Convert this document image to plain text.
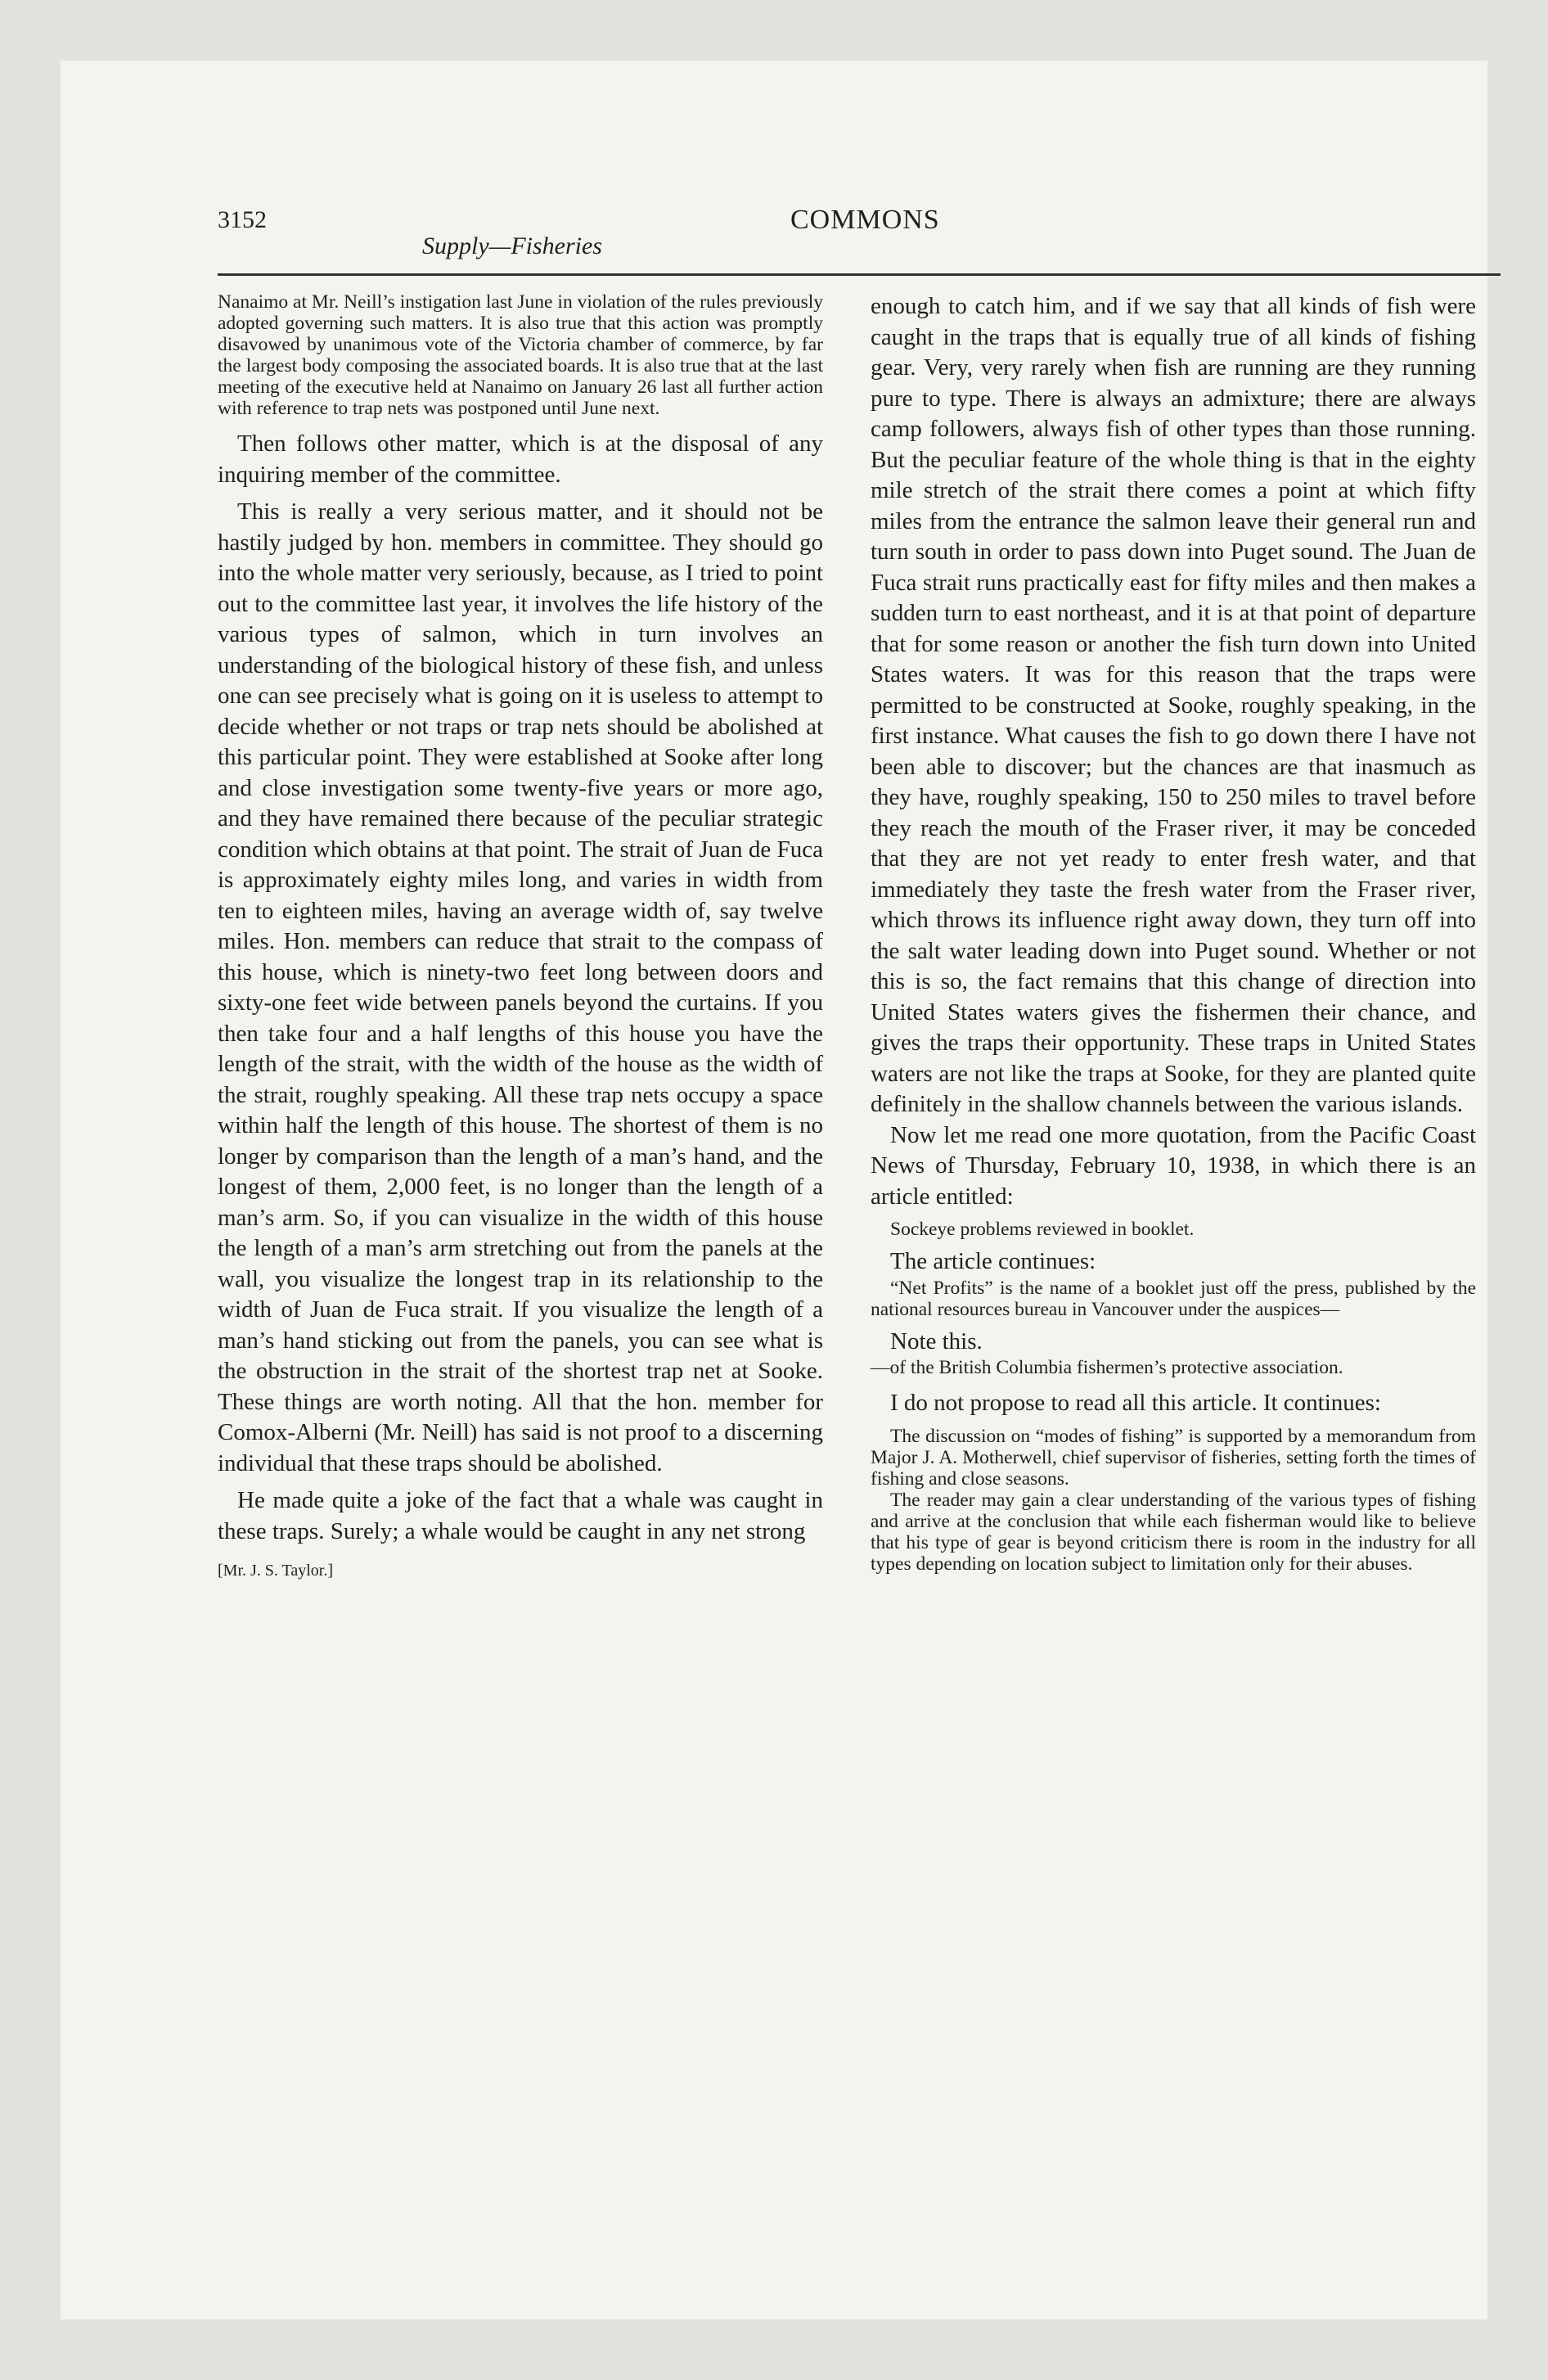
3152
Supply—Fisheries
COMMONS

Nanaimo at Mr. Neill’s instigation last June in violation of the rules previously adopted governing such matters. It is also true that this action was promptly disavowed by unanimous vote of the Victoria chamber of commerce, by far the largest body composing the associated boards. It is also true that at the last meeting of the executive held at Nanaimo on January 26 last all further action with reference to trap nets was postponed until June next.

Then follows other matter, which is at the disposal of any inquiring member of the committee.

This is really a very serious matter, and it should not be hastily judged by hon. members in committee. They should go into the whole matter very seriously, because, as I tried to point out to the committee last year, it involves the life history of the various types of salmon, which in turn involves an understanding of the biological history of these fish, and unless one can see precisely what is going on it is useless to attempt to decide whether or not traps or trap nets should be abolished at this particular point. They were established at Sooke after long and close investigation some twenty-five years or more ago, and they have remained there because of the peculiar strategic condition which obtains at that point. The strait of Juan de Fuca is approximately eighty miles long, and varies in width from ten to eighteen miles, having an average width of, say twelve miles. Hon. members can reduce that strait to the compass of this house, which is ninety-two feet long between doors and sixty-one feet wide between panels beyond the curtains. If you then take four and a half lengths of this house you have the length of the strait, with the width of the house as the width of the strait, roughly speaking. All these trap nets occupy a space within half the length of this house. The shortest of them is no longer by comparison than the length of a man’s hand, and the longest of them, 2,000 feet, is no longer than the length of a man’s arm. So, if you can visualize in the width of this house the length of a man’s arm stretching out from the panels at the wall, you visualize the longest trap in its relationship to the width of Juan de Fuca strait. If you visualize the length of a man’s hand sticking out from the panels, you can see what is the obstruction in the strait of the shortest trap net at Sooke. These things are worth noting. All that the hon. member for Comox-Alberni (Mr. Neill) has said is not proof to a discerning individual that these traps should be abolished.

He made quite a joke of the fact that a whale was caught in these traps. Surely; a whale would be caught in any net strong

[Mr. J. S. Taylor.]

enough to catch him, and if we say that all kinds of fish were caught in the traps that is equally true of all kinds of fishing gear. Very, very rarely when fish are running are they running pure to type. There is always an admixture; there are always camp followers, always fish of other types than those running. But the peculiar feature of the whole thing is that in the eighty mile stretch of the strait there comes a point at which fifty miles from the entrance the salmon leave their general run and turn south in order to pass down into Puget sound. The Juan de Fuca strait runs practically east for fifty miles and then makes a sudden turn to east northeast, and it is at that point of departure that for some reason or another the fish turn down into United States waters. It was for this reason that the traps were permitted to be constructed at Sooke, roughly speaking, in the first instance. What causes the fish to go down there I have not been able to discover; but the chances are that inasmuch as they have, roughly speaking, 150 to 250 miles to travel before they reach the mouth of the Fraser river, it may be conceded that they are not yet ready to enter fresh water, and that immediately they taste the fresh water from the Fraser river, which throws its influence right away down, they turn off into the salt water leading down into Puget sound. Whether or not this is so, the fact remains that this change of direction into United States waters gives the fishermen their chance, and gives the traps their opportunity. These traps in United States waters are not like the traps at Sooke, for they are planted quite definitely in the shallow channels between the various islands.

Now let me read one more quotation, from the Pacific Coast News of Thursday, February 10, 1938, in which there is an article entitled:

Sockeye problems reviewed in booklet.

The article continues:

“Net Profits” is the name of a booklet just off the press, published by the national resources bureau in Vancouver under the auspices—

Note this.

—of the British Columbia fishermen’s protective association.

I do not propose to read all this article. It continues:

The discussion on “modes of fishing” is supported by a memorandum from Major J. A. Motherwell, chief supervisor of fisheries, setting forth the times of fishing and close seasons.

The reader may gain a clear understanding of the various types of fishing and arrive at the conclusion that while each fisherman would like to believe that his type of gear is beyond criticism there is room in the industry for all types depending on location subject to limitation only for their abuses.
